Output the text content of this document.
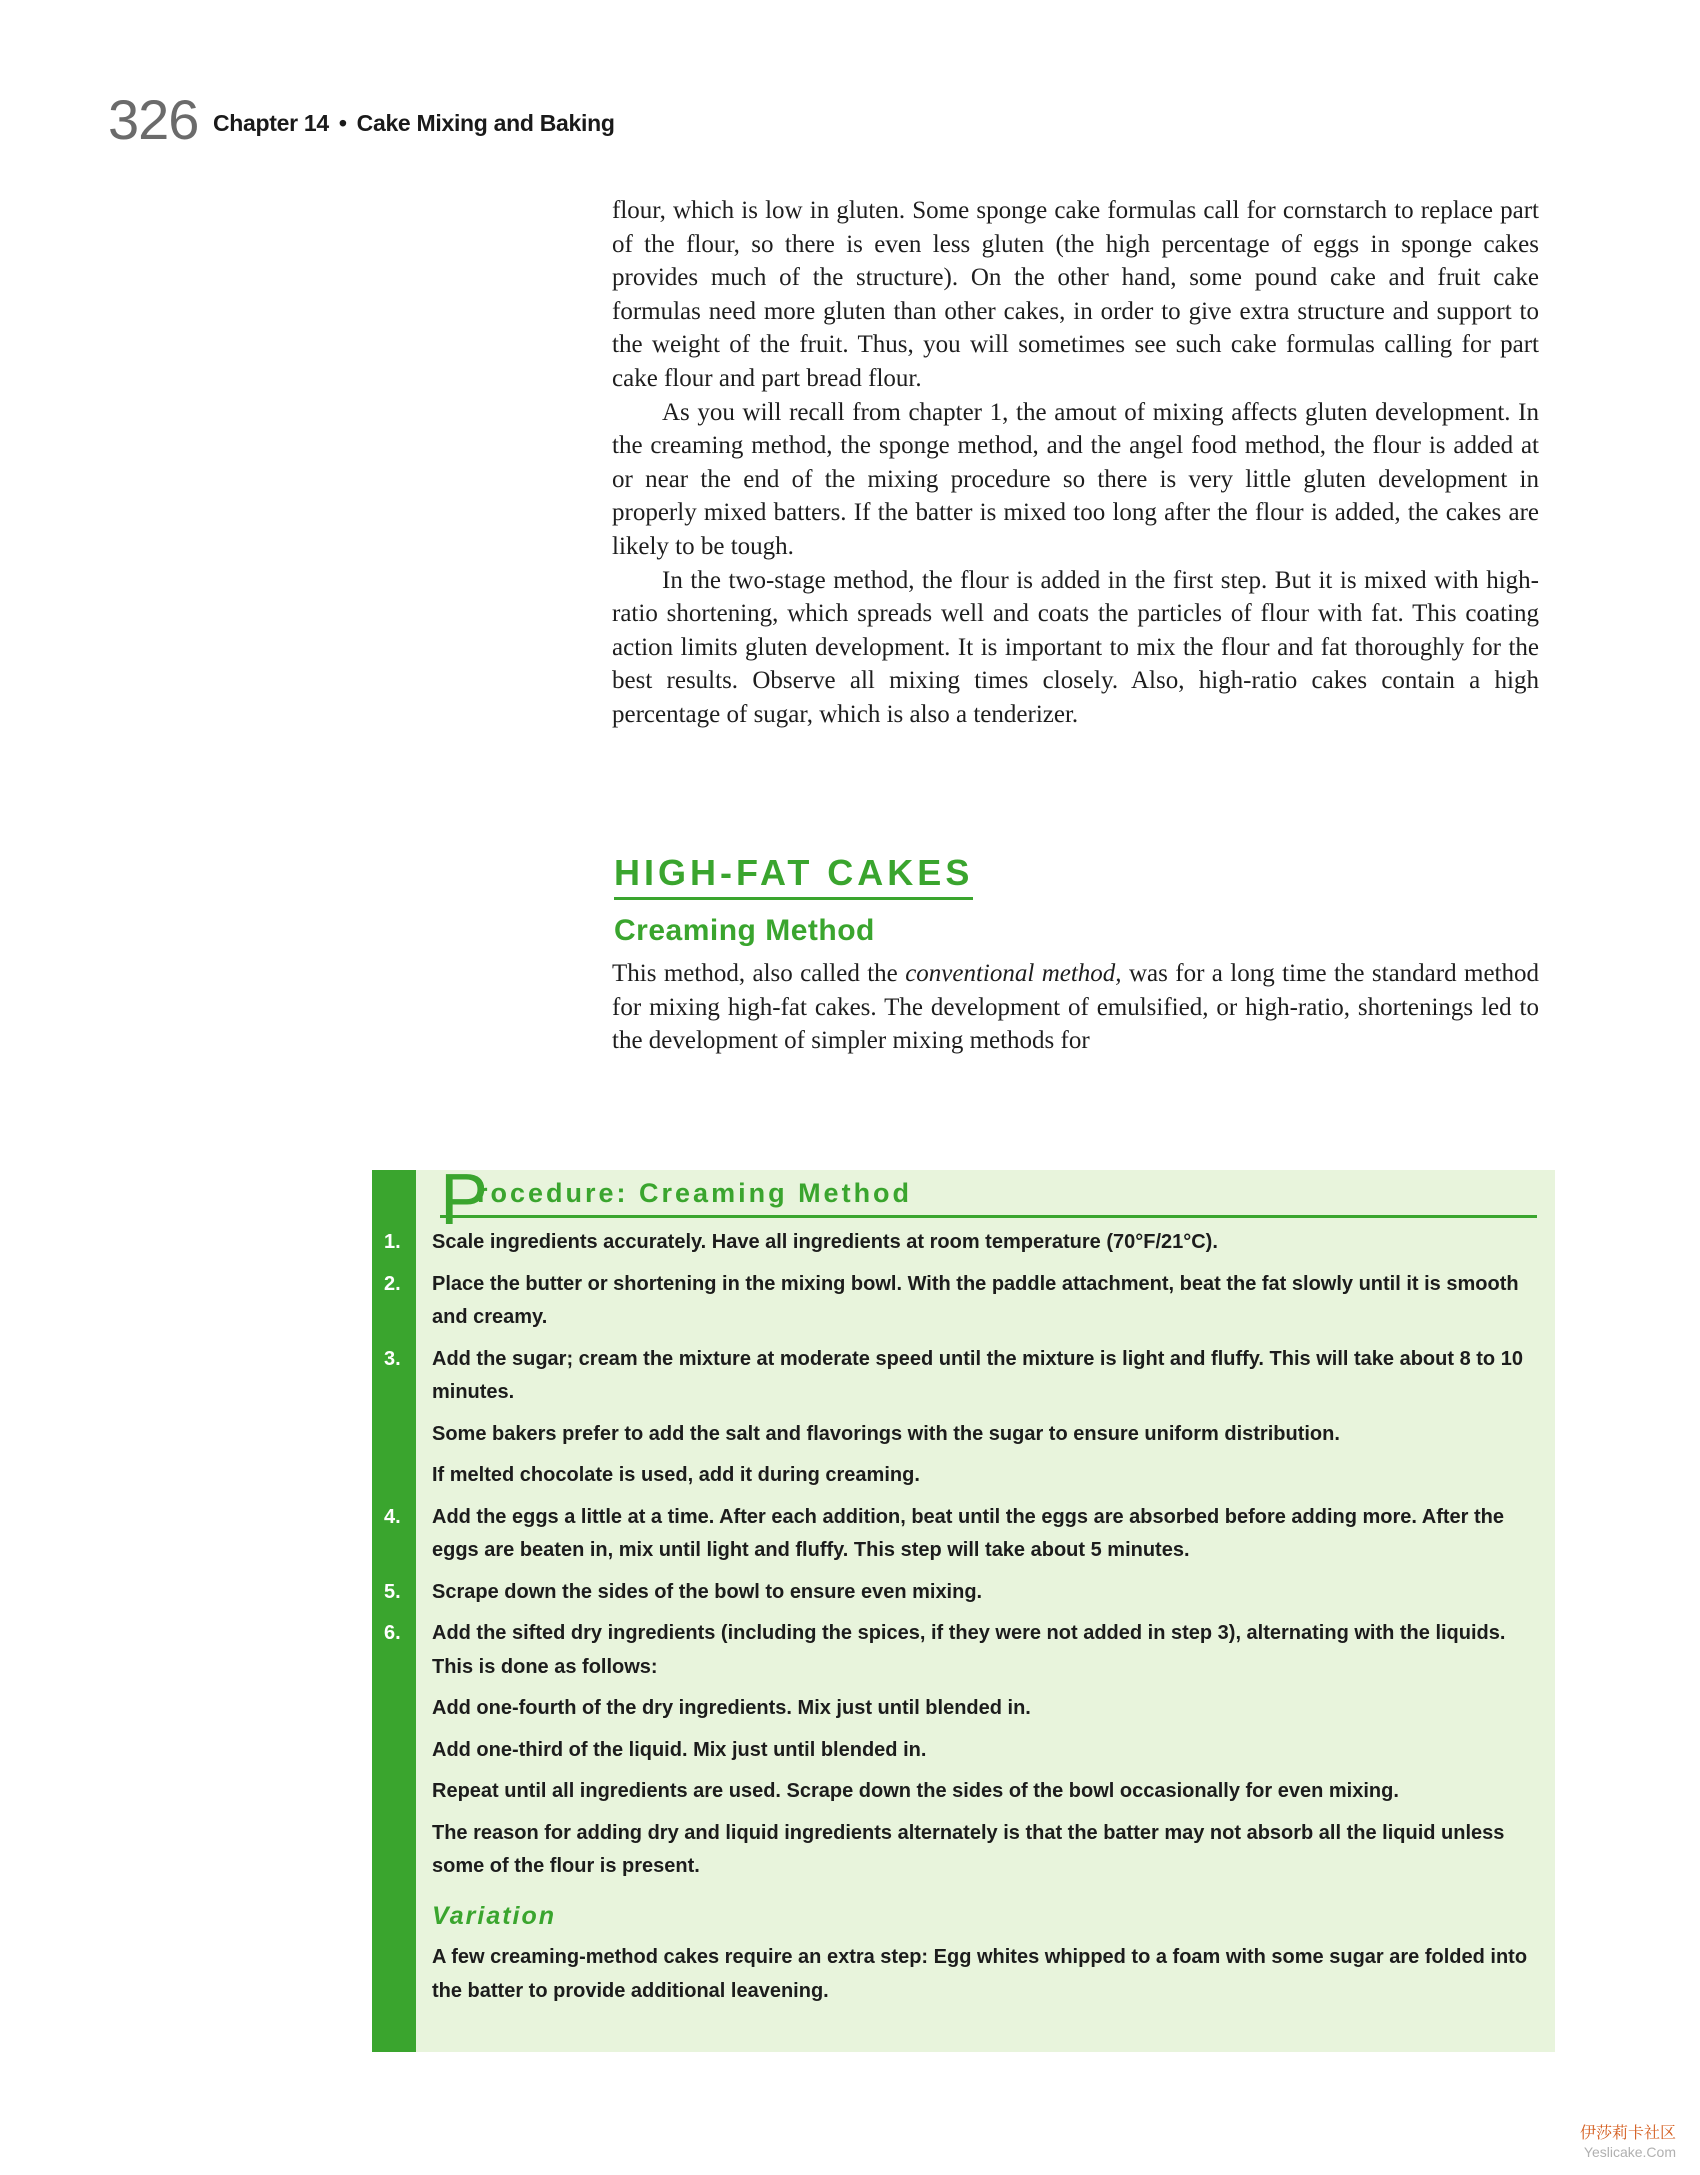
326 Chapter 14 • Cake Mixing and Baking

flour, which is low in gluten. Some sponge cake formulas call for cornstarch to replace part of the flour, so there is even less gluten (the high percentage of eggs in sponge cakes provides much of the structure). On the other hand, some pound cake and fruit cake formulas need more gluten than other cakes, in order to give extra structure and support to the weight of the fruit. Thus, you will sometimes see such cake formulas calling for part cake flour and part bread flour.

As you will recall from chapter 1, the amout of mixing affects gluten development. In the creaming method, the sponge method, and the angel food method, the flour is added at or near the end of the mixing procedure so there is very little gluten development in properly mixed batters. If the batter is mixed too long after the flour is added, the cakes are likely to be tough.

In the two-stage method, the flour is added in the first step. But it is mixed with high-ratio shortening, which spreads well and coats the particles of flour with fat. This coating action limits gluten development. It is important to mix the flour and fat thoroughly for the best results. Observe all mixing times closely. Also, high-ratio cakes contain a high percentage of sugar, which is also a tenderizer.

HIGH-FAT CAKES
Creaming Method

This method, also called the conventional method, was for a long time the standard method for mixing high-fat cakes. The development of emulsified, or high-ratio, shortenings led to the development of simpler mixing methods for

P
rocedure: Creaming Method
1.	Scale ingredients accurately. Have all ingredients at room temperature (70°F/21°C).
2.	Place the butter or shortening in the mixing bowl. With the paddle attachment, beat the fat slowly until it is smooth and creamy.
3.	Add the sugar; cream the mixture at moderate speed until the mixture is light and fluffy. This will take about 8 to 10 minutes.
Some bakers prefer to add the salt and flavorings with the sugar to ensure uniform distribution.
If melted chocolate is used, add it during creaming.
4.	Add the eggs a little at a time. After each addition, beat until the eggs are absorbed before adding more. After the eggs are beaten in, mix until light and fluffy. This step will take about 5 minutes.
5.	Scrape down the sides of the bowl to ensure even mixing.
6.	Add the sifted dry ingredients (including the spices, if they were not added in step 3), alternating with the liquids. This is done as follows:
Add one-fourth of the dry ingredients. Mix just until blended in.
Add one-third of the liquid. Mix just until blended in.
Repeat until all ingredients are used. Scrape down the sides of the bowl occasionally for even mixing.
The reason for adding dry and liquid ingredients alternately is that the batter may not absorb all the liquid unless some of the flour is present.
Variation
A few creaming-method cakes require an extra step: Egg whites whipped to a foam with some sugar are folded into the batter to provide additional leavening.
伊莎莉卡社区
Yeslicake.Com
